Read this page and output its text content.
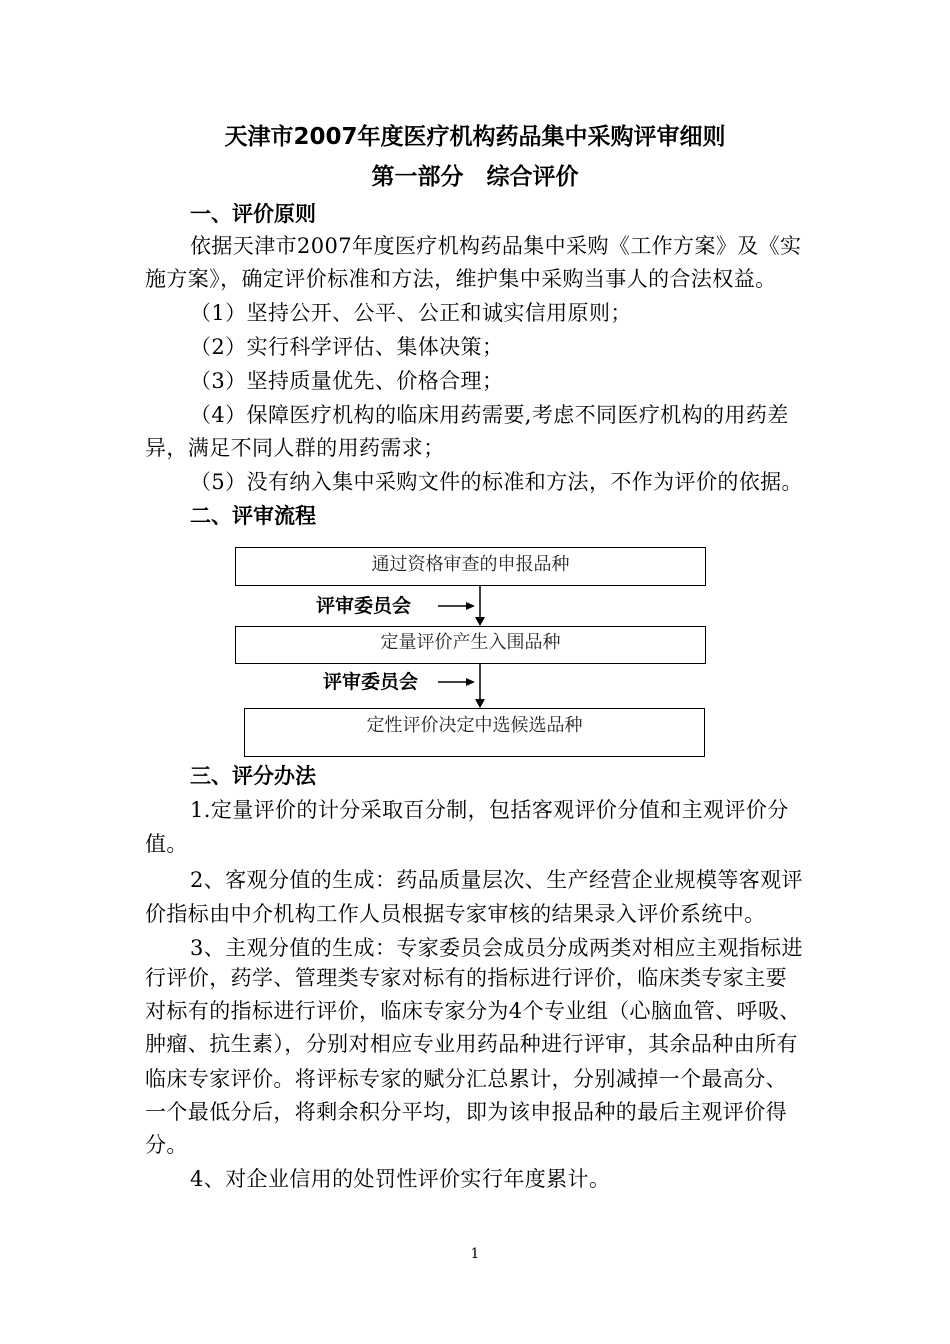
天津市2007年度医疗机构药品集中采购评审细则
第一部分　综合评价
一、评价原则
依据天津市2007年度医疗机构药品集中采购《工作方案》及《实
施方案》，确定评价标准和方法，维护集中采购当事人的合法权益。
（1）坚持公开、公平、公正和诚实信用原则；
（2）实行科学评估、集体决策；
（3）坚持质量优先、价格合理；
（4）保障医疗机构的临床用药需要,考虑不同医疗机构的用药差
异，满足不同人群的用药需求；
（5）没有纳入集中采购文件的标准和方法，不作为评价的依据。
二、评审流程
通过资格审查的申报品种
评审委员会
定量评价产生入围品种
评审委员会
定性评价决定中选候选品种
三、评分办法
1.定量评价的计分采取百分制，包括客观评价分值和主观评价分
值。
2、客观分值的生成：药品质量层次、生产经营企业规模等客观评
价指标由中介机构工作人员根据专家审核的结果录入评价系统中。
3、主观分值的生成：专家委员会成员分成两类对相应主观指标进
行评价，药学、管理类专家对标有的指标进行评价，临床类专家主要
对标有的指标进行评价，临床专家分为4个专业组（心脑血管、呼吸、
肿瘤、抗生素），分别对相应专业用药品种进行评审，其余品种由所有
临床专家评价。将评标专家的赋分汇总累计，分别减掉一个最高分、
一个最低分后，将剩余积分平均，即为该申报品种的最后主观评价得
分。
4、对企业信用的处罚性评价实行年度累计。
1
